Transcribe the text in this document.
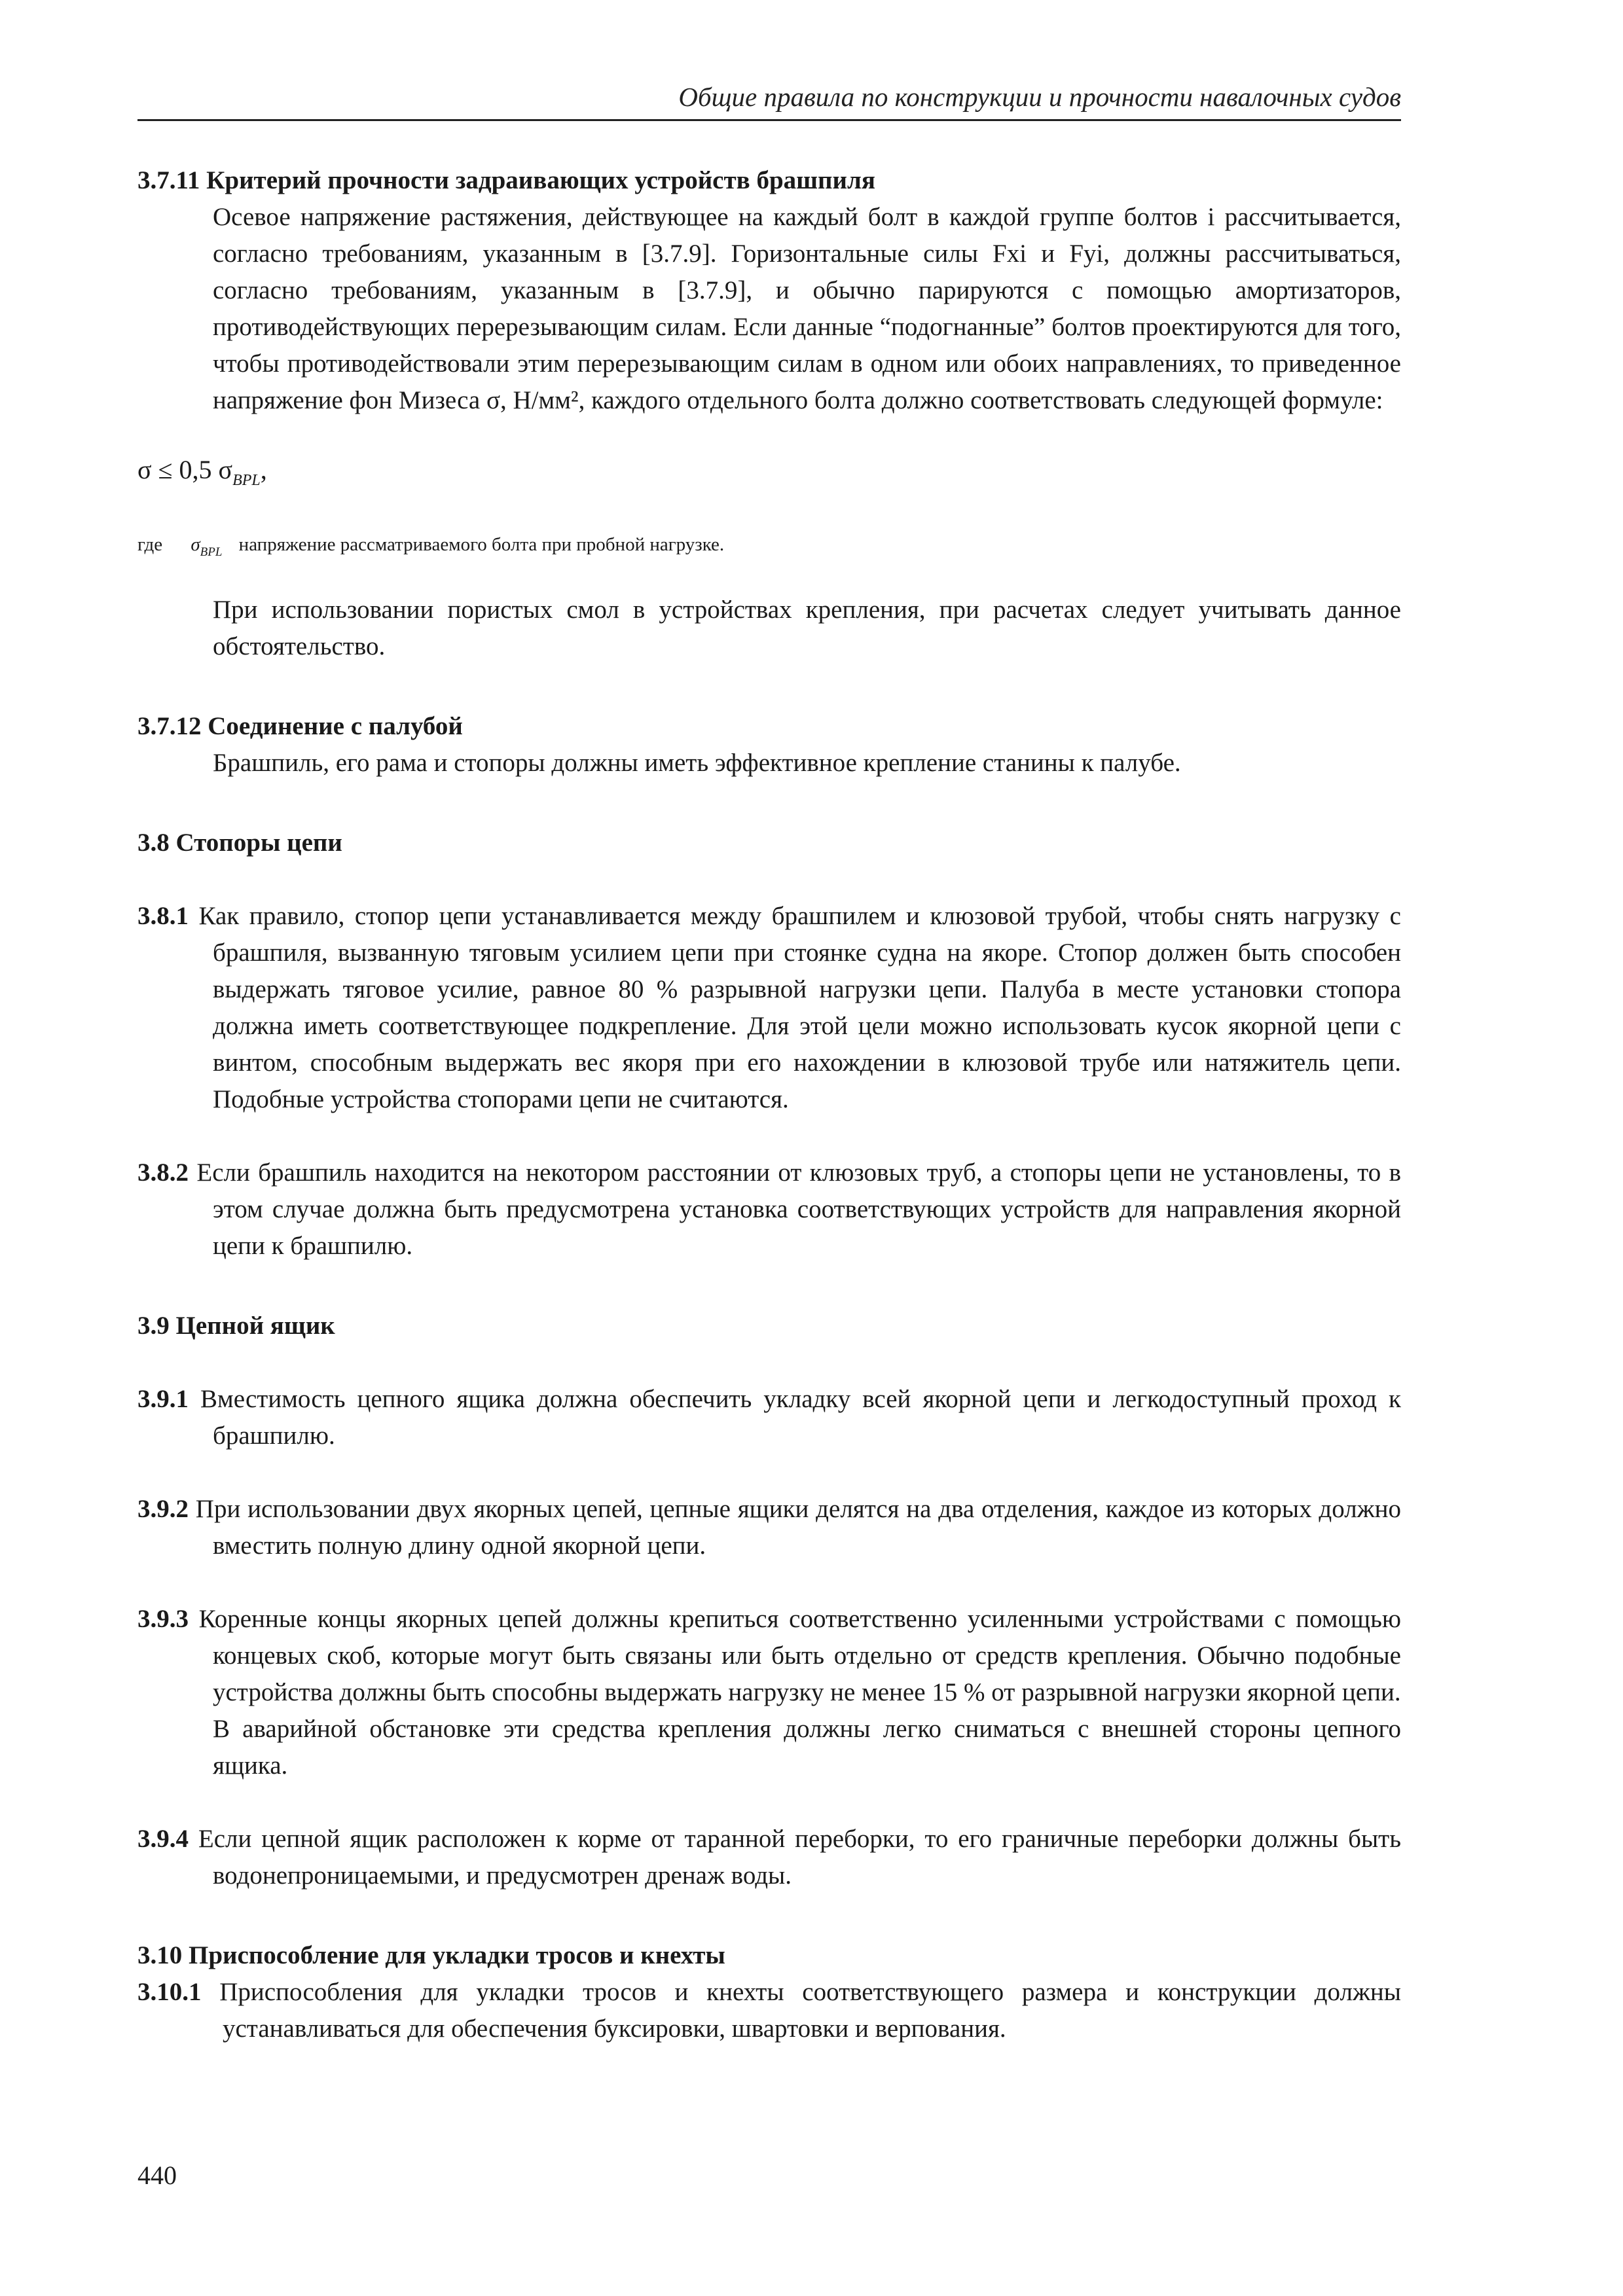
Общие правила по конструкции и прочности навалочных судов

3.7.11 Критерий прочности задраивающих устройств брашпиля

Осевое напряжение растяжения, действующее на каждый болт в каждой группе болтов i рассчитывается, согласно требованиям, указанным в [3.7.9]. Горизонтальные силы Fxi и Fyi, должны рассчитываться, согласно требованиям, указанным в [3.7.9], и обычно парируются с помощью амортизаторов, противодействующих перерезывающим силам. Если данные “подогнанные” болтов проектируются для того, чтобы противодействовали этим перерезывающим силам в одном или обоих направлениях, то приведенное напряжение фон Мизеса σ, Н/мм², каждого отдельного болта должно соответствовать следующей формуле:

σ ≤ 0,5 $\sigma_{BPL}$,
где $\sigma_{BPL}$ напряжение рассматриваемого болта при пробной нагрузке.

При использовании пористых смол в устройствах крепления, при расчетах следует учитывать данное обстоятельство.

3.7.12 Соединение с палубой

Брашпиль, его рама и стопоры должны иметь эффективное крепление станины к палубе.

3.8 Стопоры цепи

3.8.1 Как правило, стопор цепи устанавливается между брашпилем и клюзовой трубой, чтобы снять нагрузку с брашпиля, вызванную тяговым усилием цепи при стоянке судна на якоре. Стопор должен быть способен выдержать тяговое усилие, равное 80 % разрывной нагрузки цепи. Палуба в месте установки стопора должна иметь соответствующее подкрепление. Для этой цели можно использовать кусок якорной цепи с винтом, способным выдержать вес якоря при его нахождении в клюзовой трубе или натяжитель цепи. Подобные устройства стопорами цепи не считаются.

3.8.2 Если брашпиль находится на некотором расстоянии от клюзовых труб, а стопоры цепи не установлены, то в этом случае должна быть предусмотрена установка соответствующих устройств для направления якорной цепи к брашпилю.

3.9 Цепной ящик

3.9.1 Вместимость цепного ящика должна обеспечить укладку всей якорной цепи и легкодоступный проход к брашпилю.

3.9.2 При использовании двух якорных цепей, цепные ящики делятся на два отделения, каждое из которых должно вместить полную длину одной якорной цепи.

3.9.3 Коренные концы якорных цепей должны крепиться соответственно усиленными устройствами с помощью концевых скоб, которые могут быть связаны или быть отдельно от средств крепления. Обычно подобные устройства должны быть способны выдержать нагрузку не менее 15 % от разрывной нагрузки якорной цепи.

В аварийной обстановке эти средства крепления должны легко сниматься с внешней стороны цепного ящика.

3.9.4 Если цепной ящик расположен к корме от таранной переборки, то его граничные переборки должны быть водонепроницаемыми, и предусмотрен дренаж воды.

3.10 Приспособление для укладки тросов и кнехты

3.10.1 Приспособления для укладки тросов и кнехты соответствующего размера и конструкции должны устанавливаться для обеспечения буксировки, швартовки и верпования.

440
